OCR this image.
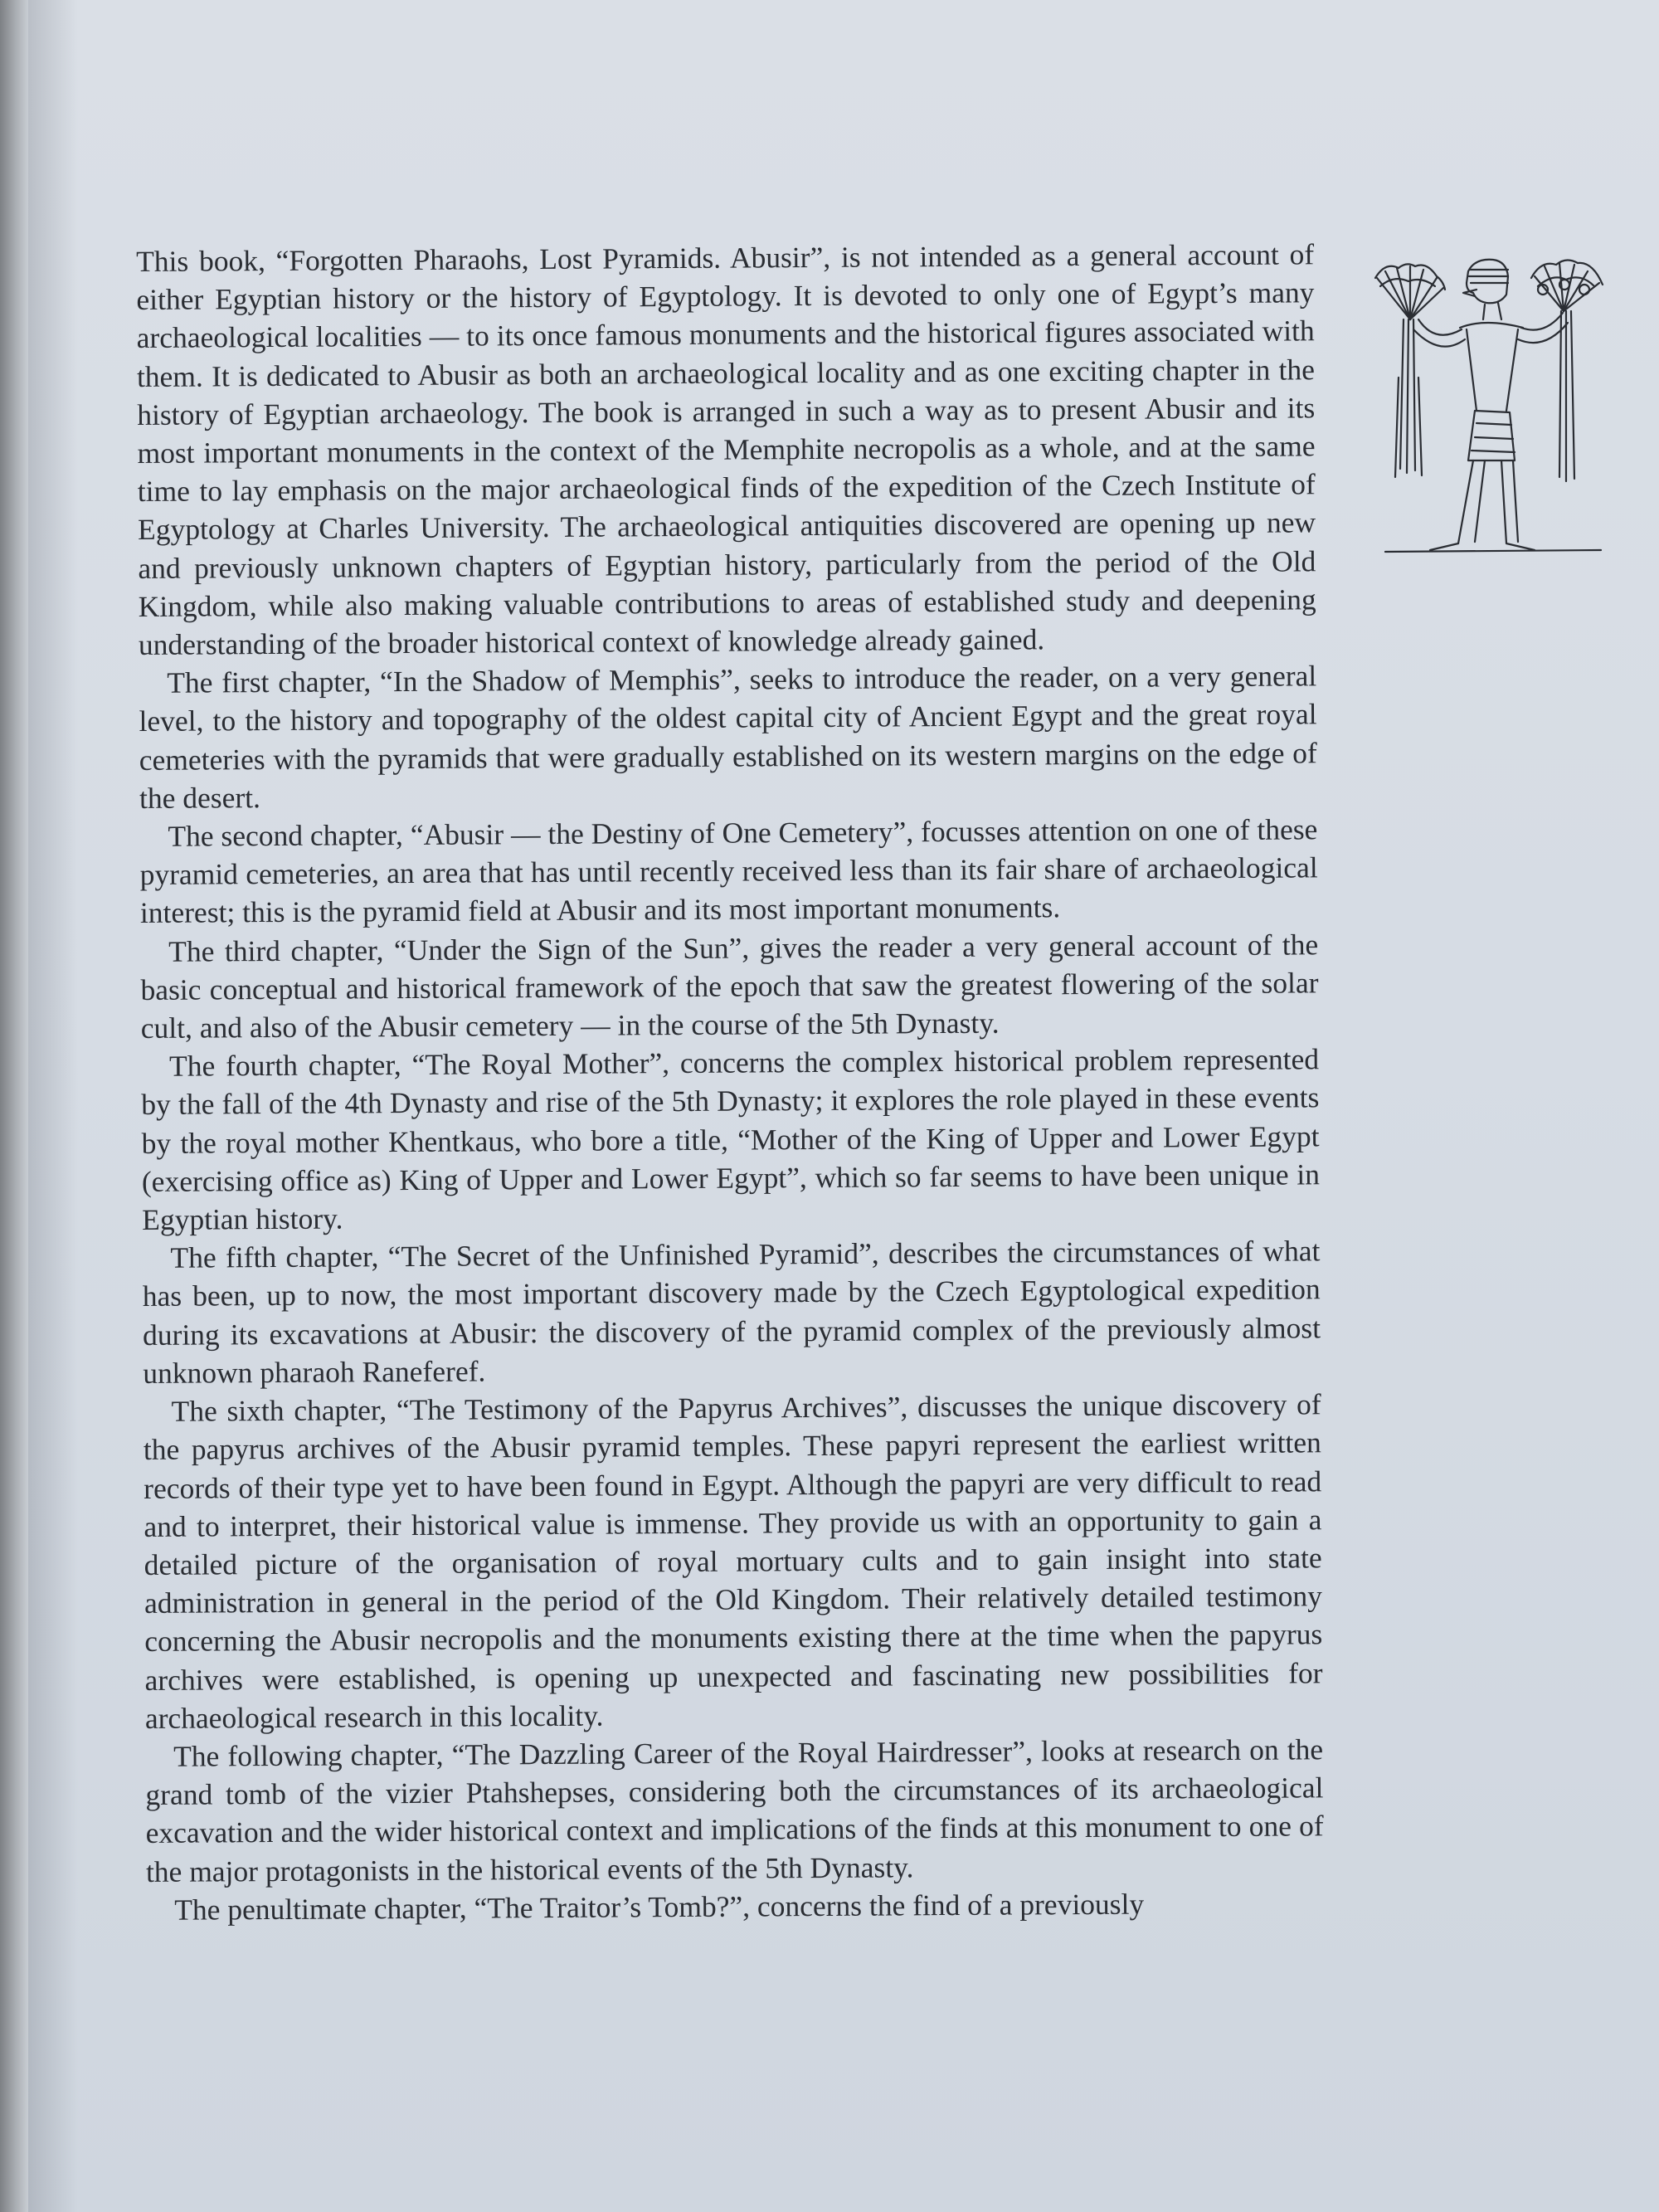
This book, “Forgotten Pharaohs, Lost Pyramids. Abusir”, is not intended as a general account of either Egyptian history or the history of Egyptology. It is devoted to only one of Egypt’s many archaeological localities — to its once famous monuments and the historical figures associated with them. It is dedicated to Abusir as both an archaeological locality and as one exciting chapter in the history of Egyptian archaeology. The book is arranged in such a way as to present Abusir and its most important monuments in the context of the Memphite necropolis as a whole, and at the same time to lay emphasis on the major archaeological finds of the expedition of the Czech Institute of Egyptology at Charles University. The archaeological antiquities discovered are opening up new and previously unknown chapters of Egyptian history, particularly from the period of the Old Kingdom, while also making valuable contributions to areas of established study and deepening understanding of the broader historical context of knowledge already gained.

The first chapter, “In the Shadow of Memphis”, seeks to introduce the reader, on a very general level, to the history and topography of the oldest capital city of Ancient Egypt and the great royal cemeteries with the pyramids that were gradually established on its western margins on the edge of the desert.

The second chapter, “Abusir — the Destiny of One Cemetery”, focusses attention on one of these pyramid cemeteries, an area that has until recently received less than its fair share of archaeological interest; this is the pyramid field at Abusir and its most important monuments.

The third chapter, “Under the Sign of the Sun”, gives the reader a very general account of the basic conceptual and historical framework of the epoch that saw the greatest flowering of the solar cult, and also of the Abusir cemetery — in the course of the 5th Dynasty.

The fourth chapter, “The Royal Mother”, concerns the complex historical problem represented by the fall of the 4th Dynasty and rise of the 5th Dynasty; it explores the role played in these events by the royal mother Khentkaus, who bore a title, “Mother of the King of Upper and Lower Egypt (exercising office as) King of Upper and Lower Egypt”, which so far seems to have been unique in Egyptian history.

The fifth chapter, “The Secret of the Unfinished Pyramid”, describes the circumstances of what has been, up to now, the most important discovery made by the Czech Egyptological expedition during its excavations at Abusir: the discovery of the pyramid complex of the previously almost unknown pharaoh Raneferef.

The sixth chapter, “The Testimony of the Papyrus Archives”, discusses the unique discovery of the papyrus archives of the Abusir pyramid temples. These papyri represent the earliest written records of their type yet to have been found in Egypt. Although the papyri are very difficult to read and to interpret, their historical value is immense. They provide us with an opportunity to gain a detailed picture of the organisation of royal mortuary cults and to gain insight into state administration in general in the period of the Old Kingdom. Their relatively detailed testimony concerning the Abusir necropolis and the monuments existing there at the time when the papyrus archives were established, is opening up unexpected and fascinating new possibilities for archaeological research in this locality.

The following chapter, “The Dazzling Career of the Royal Hairdresser”, looks at research on the grand tomb of the vizier Ptahshepses, considering both the circumstances of its archaeological excavation and the wider historical context and implications of the finds at this monument to one of the major protagonists in the historical events of the 5th Dynasty.

The penultimate chapter, “The Traitor’s Tomb?”, concerns the find of a previously
